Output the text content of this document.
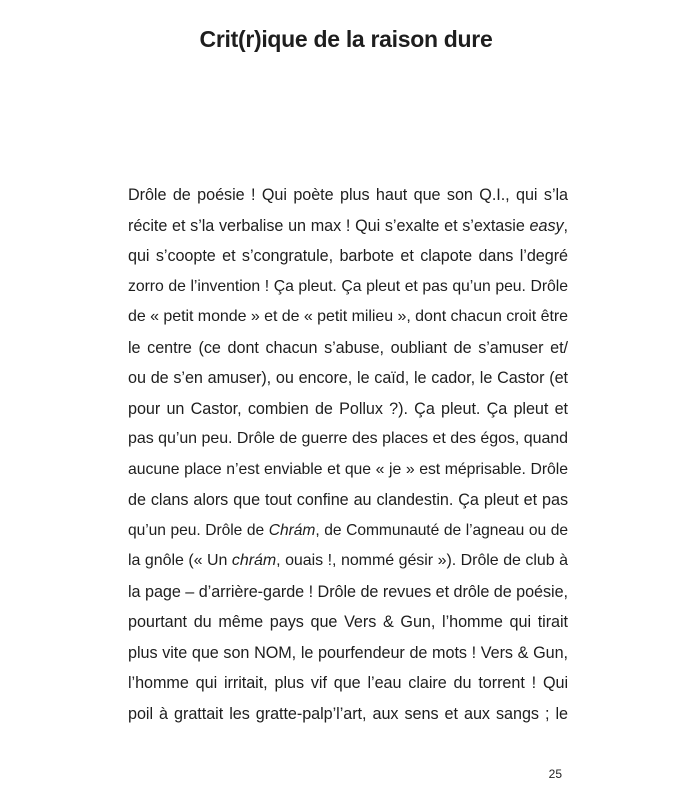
Crit(r)ique de la raison dure
Drôle de poésie ! Qui poète plus haut que son Q.I., qui s’la
récite et s’la verbalise un max ! Qui s’exalte et s’extasie easy,
qui s’coopte et s’congratule, barbote et clapote dans l’degré
zorro de l’invention ! Ça pleut. Ça pleut et pas qu’un peu. Drôle
de « petit monde » et de « petit milieu », dont chacun croit être
le centre (ce dont chacun s’abuse, oubliant de s’amuser et/
ou de s’en amuser), ou encore, le caïd, le cador, le Castor (et
pour un Castor, combien de Pollux ?). Ça pleut. Ça pleut et
pas qu’un peu. Drôle de guerre des places et des égos, quand
aucune place n’est enviable et que « je » est méprisable. Drôle
de clans alors que tout confine au clandestin. Ça pleut et pas
qu’un peu. Drôle de Chrám, de Communauté de l’agneau ou de
la gnôle (« Un chrám, ouais !, nommé gésir »). Drôle de club à
la page – d’arrière-garde ! Drôle de revues et drôle de poésie,
pourtant du même pays que Vers & Gun, l’homme qui tirait
plus vite que son NOM, le pourfendeur de mots ! Vers & Gun,
l’homme qui irritait, plus vif que l’eau claire du torrent ! Qui
poil à grattait les gratte-palp’l’art, aux sens et aux sangs ; le
25
